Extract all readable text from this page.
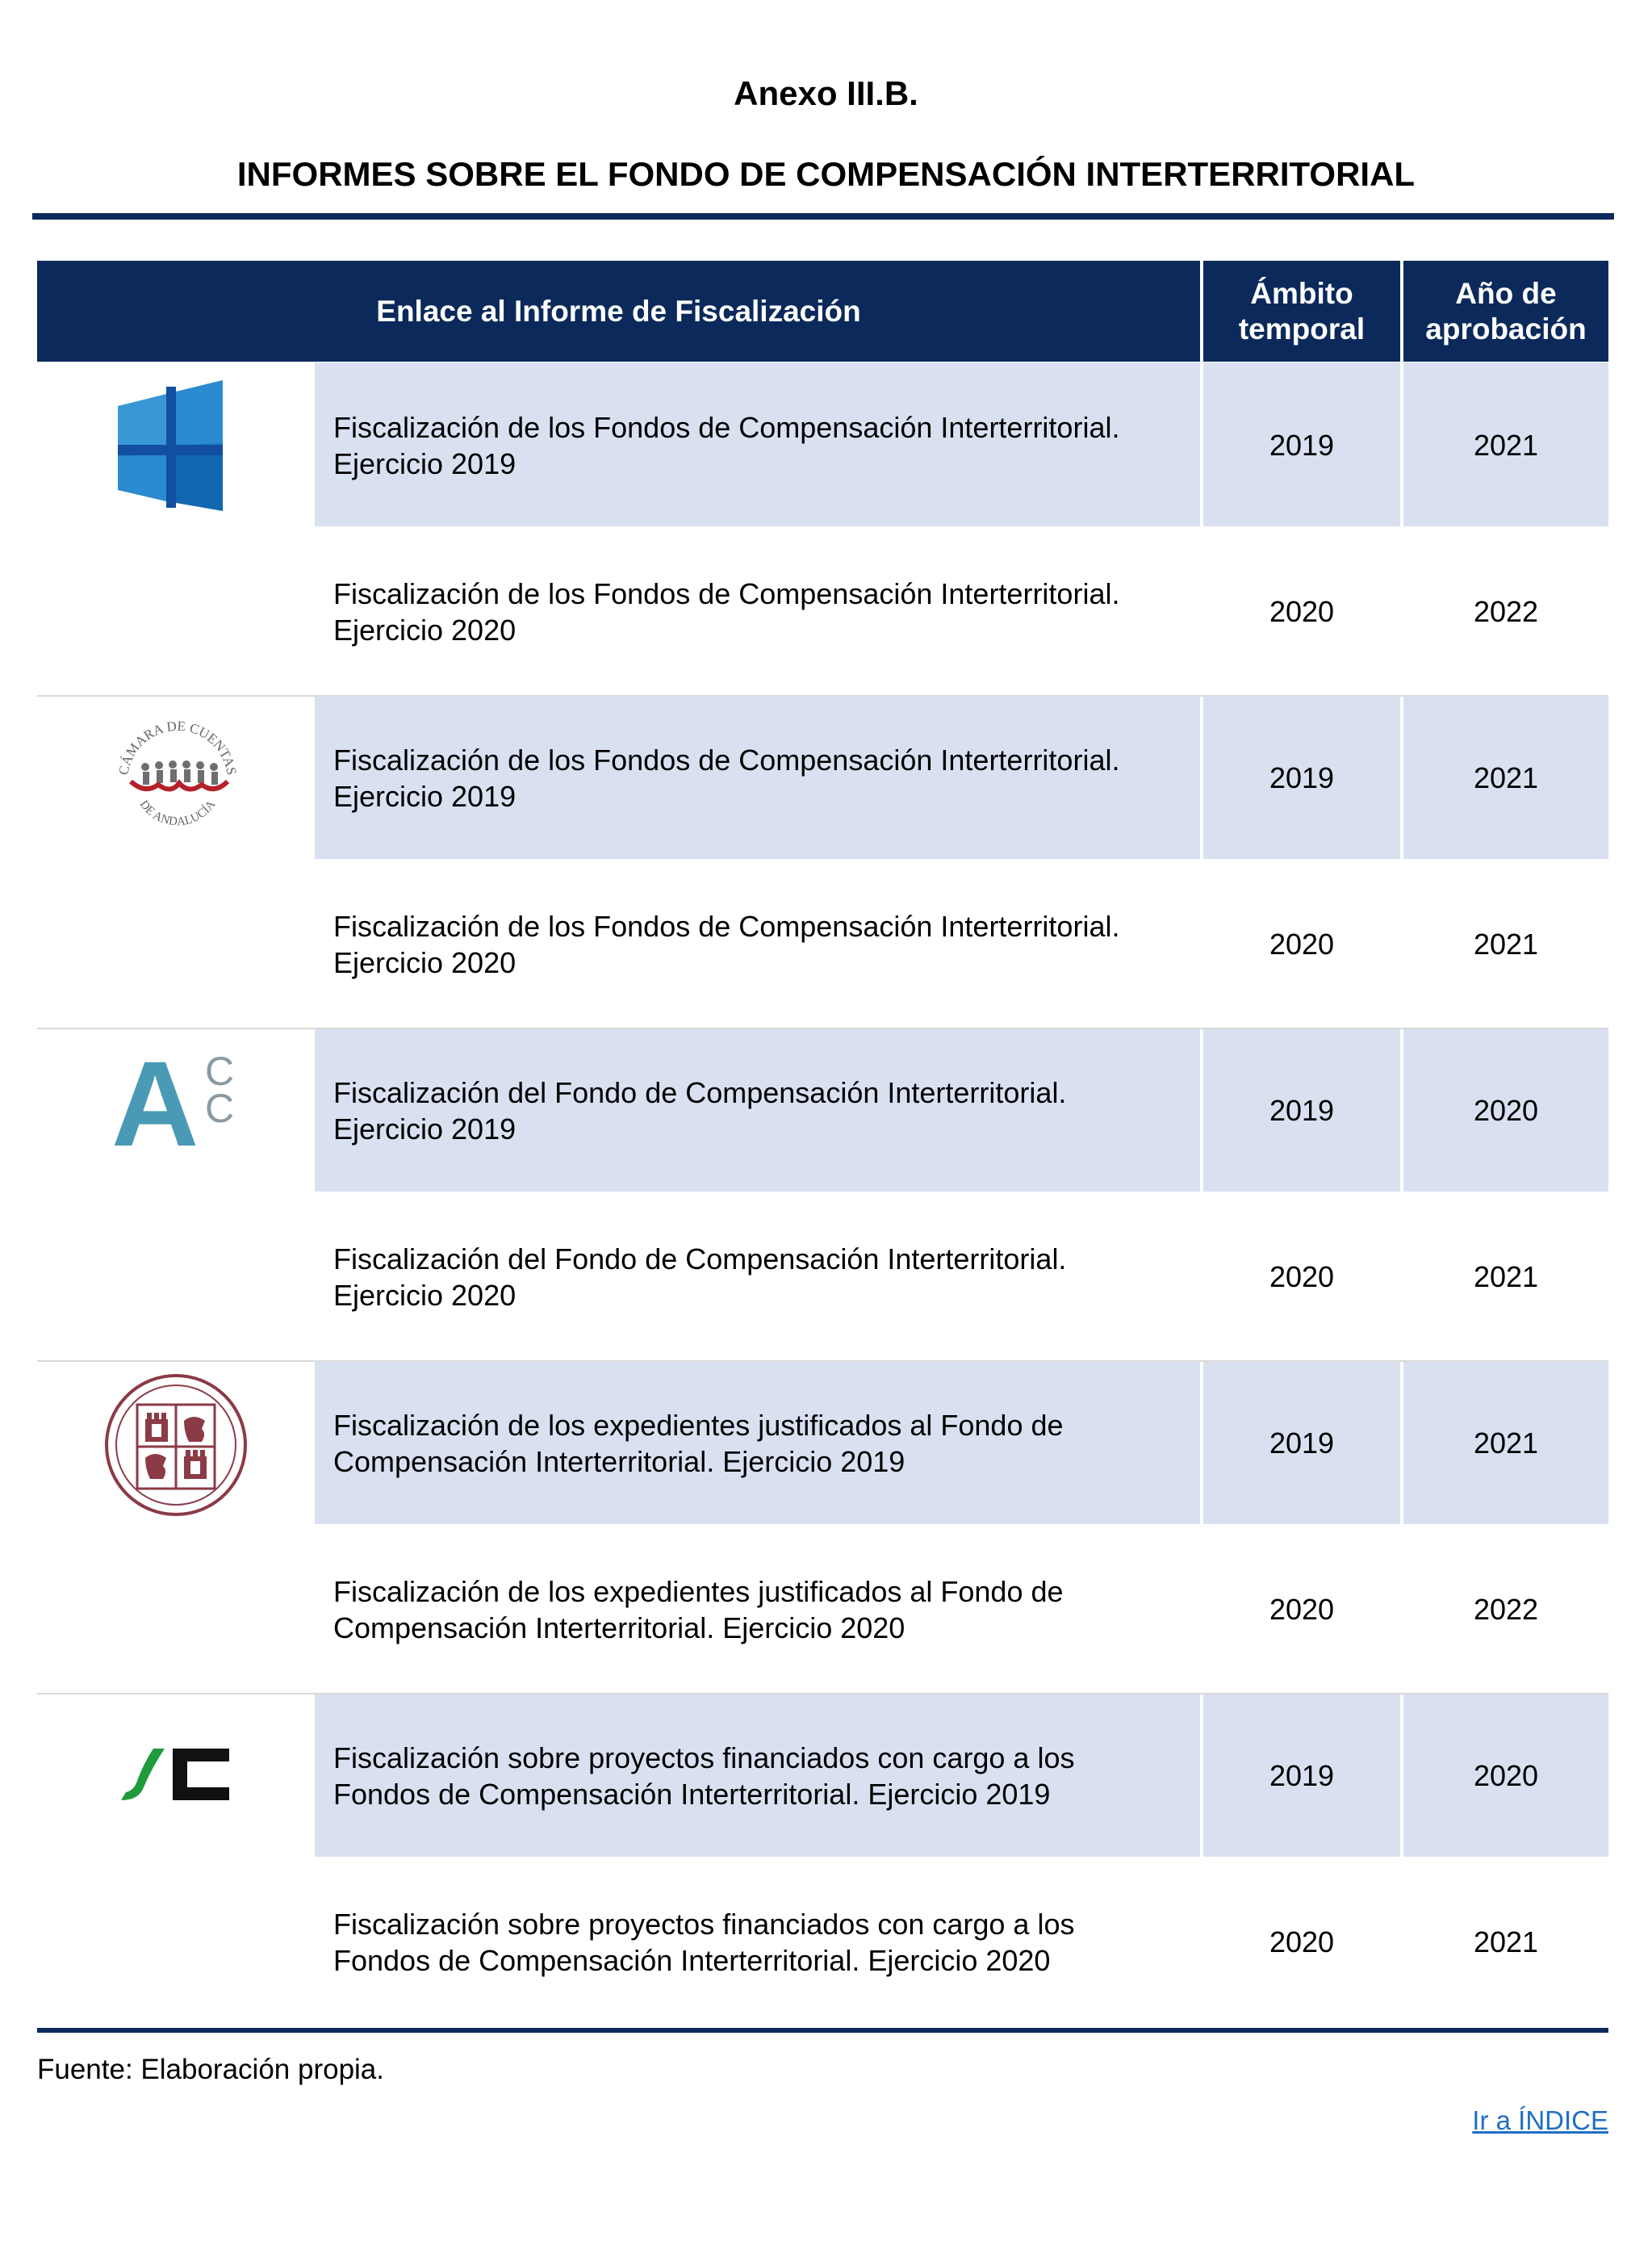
Anexo III.B.
INFORMES SOBRE EL FONDO DE COMPENSACIÓN INTERTERRITORIAL
Enlace al Informe de Fiscalización
Ámbito
temporal
Año de
aprobación
Fiscalización de los Fondos de Compensación Interterritorial.
Ejercicio 2019
2019	2021
Fiscalización de los Fondos de Compensación Interterritorial.
Ejercicio 2020
2020	2022
Fiscalización de los Fondos de Compensación Interterritorial.
Ejercicio 2019
2019	2021
Fiscalización de los Fondos de Compensación Interterritorial.
Ejercicio 2020
2020	2021
Fiscalización del Fondo de Compensación Interterritorial.
Ejercicio 2019
2019	2020
Fiscalización del Fondo de Compensación Interterritorial.
Ejercicio 2020
2020	2021
Fiscalización de los expedientes justificados al Fondo de
Compensación Interterritorial. Ejercicio 2019
2019	2021
Fiscalización de los expedientes justificados al Fondo de
Compensación Interterritorial. Ejercicio 2020
2020	2022
Fiscalización sobre proyectos financiados con cargo a los
Fondos de Compensación Interterritorial. Ejercicio 2019
2019	2020
Fiscalización sobre proyectos financiados con cargo a los
Fondos de Compensación Interterritorial. Ejercicio 2020
2020	2021
CÁMARA DE CUENTAS
DE ANDALUCÍA
A C
C
Fuente: Elaboración propia.
Ir a ÍNDICE
